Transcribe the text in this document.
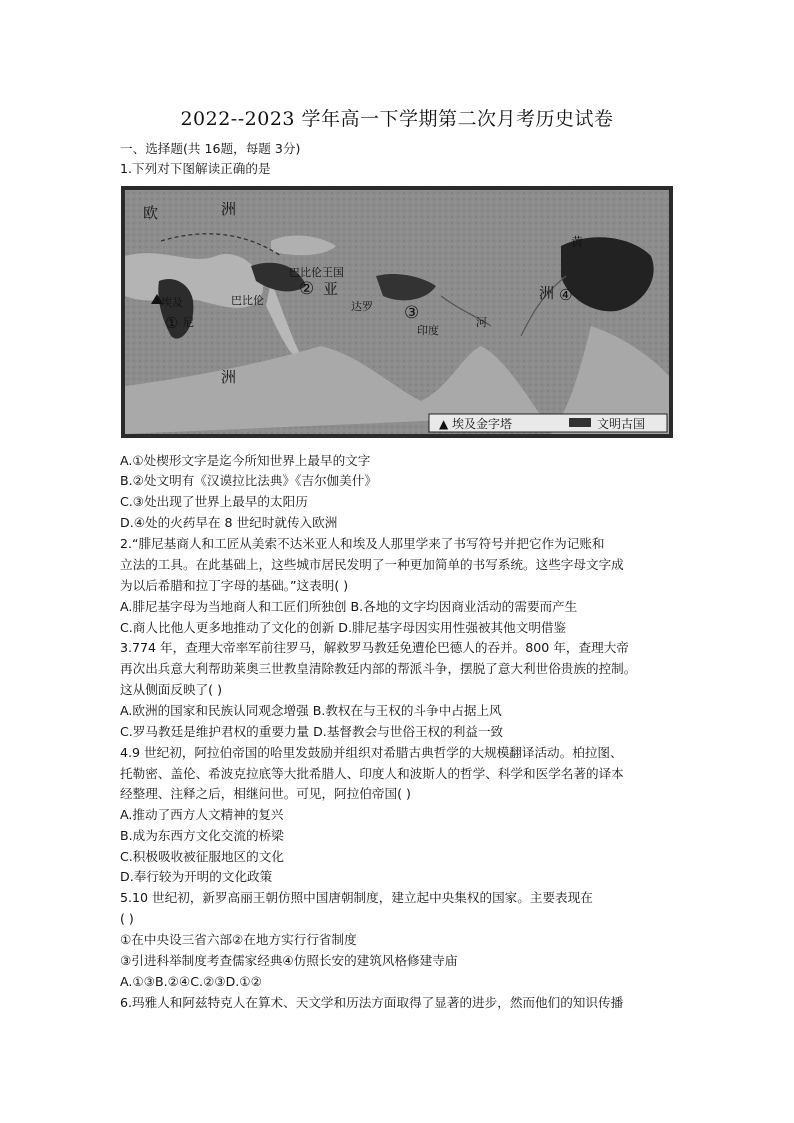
2022--2023 学年高一下学期第二次月考历史试卷
一、选择题(共 16题，每题 3分)
1.下列对下图解读正确的是
欧	洲
①
②
③
④
亚	洲
巴比伦王国
巴比伦
埃及
尼
印度
达罗
河
黄
洲
▲ 埃及金字塔	文明古国
A.①处楔形文字是迄今所知世界上最早的文字
B.②处文明有《汉谟拉比法典》《吉尔伽美什》
C.③处出现了世界上最早的太阳历
D.④处的火药早在 8 世纪时就传入欧洲
2.“腓尼基商人和工匠从美索不达米亚人和埃及人那里学来了书写符号并把它作为记账和
立法的工具。在此基础上，这些城市居民发明了一种更加简单的书写系统。这些字母文字成
为以后希腊和拉丁字母的基础。”这表明( )
A.腓尼基字母为当地商人和工匠们所独创 B.各地的文字均因商业活动的需要而产生
C.商人比他人更多地推动了文化的创新 D.腓尼基字母因实用性强被其他文明借鉴
3.774 年，查理大帝率军前往罗马，解救罗马教廷免遭伦巴德人的吞并。800 年，查理大帝
再次出兵意大利帮助莱奥三世教皇清除教廷内部的帮派斗争，摆脱了意大利世俗贵族的控制。
这从侧面反映了( )
A.欧洲的国家和民族认同观念增强 B.教权在与王权的斗争中占据上风
C.罗马教廷是维护君权的重要力量 D.基督教会与世俗王权的利益一致
4.9 世纪初，阿拉伯帝国的哈里发鼓励并组织对希腊古典哲学的大规模翻译活动。柏拉图、
托勒密、盖伦、希波克拉底等大批希腊人、印度人和波斯人的哲学、科学和医学名著的译本
经整理、注释之后，相继问世。可见，阿拉伯帝国( )
A.推动了西方人文精神的复兴
B.成为东西方文化交流的桥梁
C.积极吸收被征服地区的文化
D.奉行较为开明的文化政策
5.10 世纪初，新罗高丽王朝仿照中国唐朝制度，建立起中央集权的国家。主要表现在
( )
①在中央设三省六部②在地方实行行省制度
③引进科举制度考查儒家经典④仿照长安的建筑风格修建寺庙
A.①③B.②④C.②③D.①②
6.玛雅人和阿兹特克人在算术、天文学和历法方面取得了显著的进步，然而他们的知识传播
